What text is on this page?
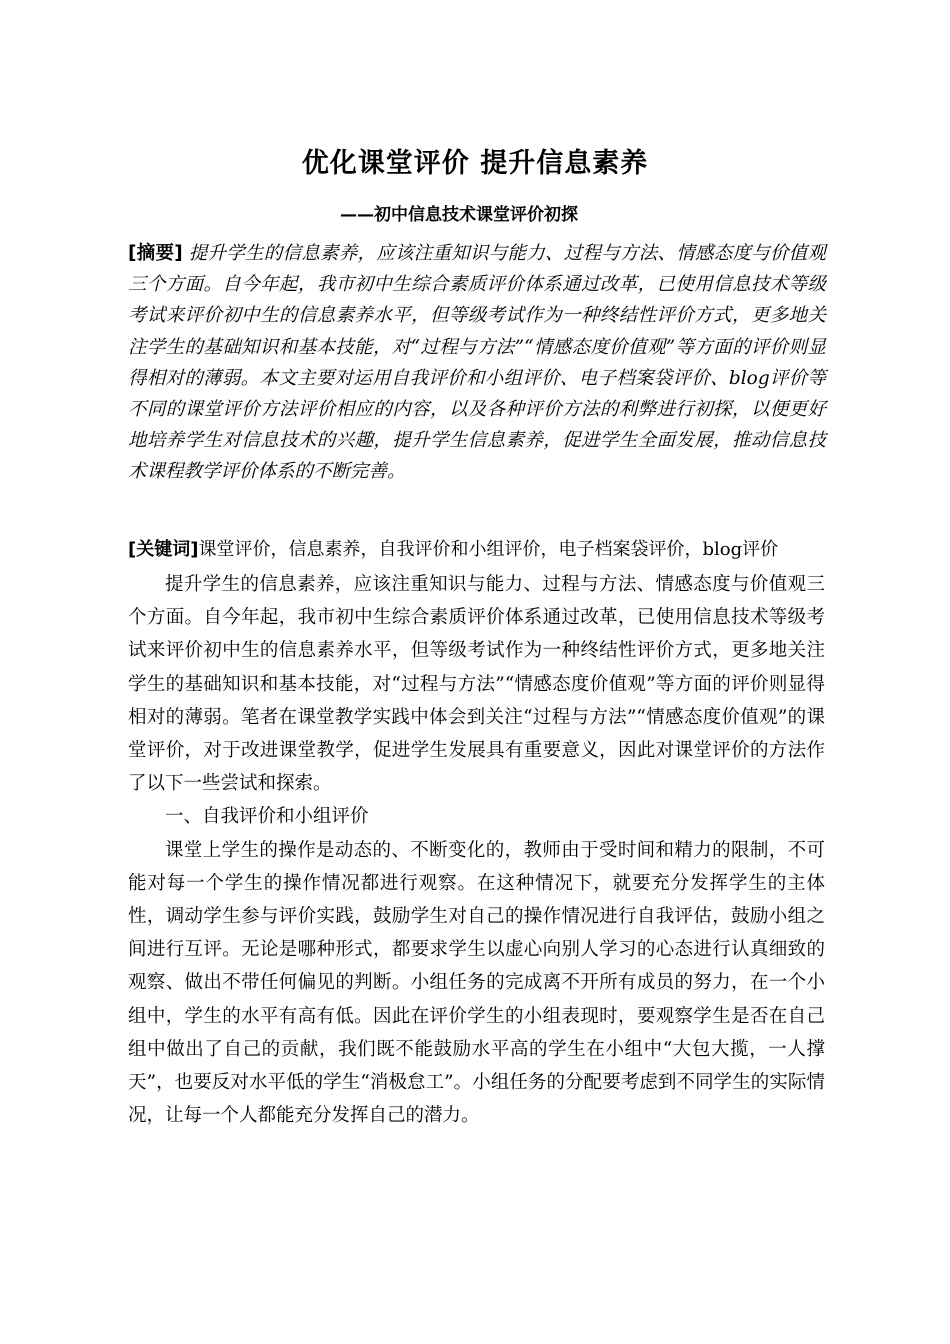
优化课堂评价 提升信息素养
——初中信息技术课堂评价初探
[摘要] 提升学生的信息素养，应该注重知识与能力、过程与方法、情感态度与价值观三个方面。自今年起，我市初中生综合素质评价体系通过改革，已使用信息技术等级考试来评价初中生的信息素养水平，但等级考试作为一种终结性评价方式，更多地关注学生的基础知识和基本技能，对“过程与方法”“情感态度价值观”等方面的评价则显得相对的薄弱。本文主要对运用自我评价和小组评价、电子档案袋评价、blog评价等不同的课堂评价方法评价相应的内容，以及各种评价方法的利弊进行初探，以便更好地培养学生对信息技术的兴趣，提升学生信息素养，促进学生全面发展，推动信息技术课程教学评价体系的不断完善。
[关键词]课堂评价，信息素养，自我评价和小组评价，电子档案袋评价，blog评价

提升学生的信息素养，应该注重知识与能力、过程与方法、情感态度与价值观三个方面。自今年起，我市初中生综合素质评价体系通过改革，已使用信息技术等级考试来评价初中生的信息素养水平，但等级考试作为一种终结性评价方式，更多地关注学生的基础知识和基本技能，对“过程与方法”“情感态度价值观”等方面的评价则显得相对的薄弱。笔者在课堂教学实践中体会到关注“过程与方法”“情感态度价值观”的课堂评价，对于改进课堂教学，促进学生发展具有重要意义，因此对课堂评价的方法作了以下一些尝试和探索。

一、自我评价和小组评价

课堂上学生的操作是动态的、不断变化的，教师由于受时间和精力的限制，不可能对每一个学生的操作情况都进行观察。在这种情况下，就要充分发挥学生的主体性，调动学生参与评价实践，鼓励学生对自己的操作情况进行自我评估，鼓励小组之间进行互评。无论是哪种形式，都要求学生以虚心向别人学习的心态进行认真细致的观察、做出不带任何偏见的判断。小组任务的完成离不开所有成员的努力，在一个小组中，学生的水平有高有低。因此在评价学生的小组表现时，要观察学生是否在自己组中做出了自己的贡献，我们既不能鼓励水平高的学生在小组中“大包大揽，一人撑天”，也要反对水平低的学生“消极怠工”。小组任务的分配要考虑到不同学生的实际情况，让每一个人都能充分发挥自己的潜力。
